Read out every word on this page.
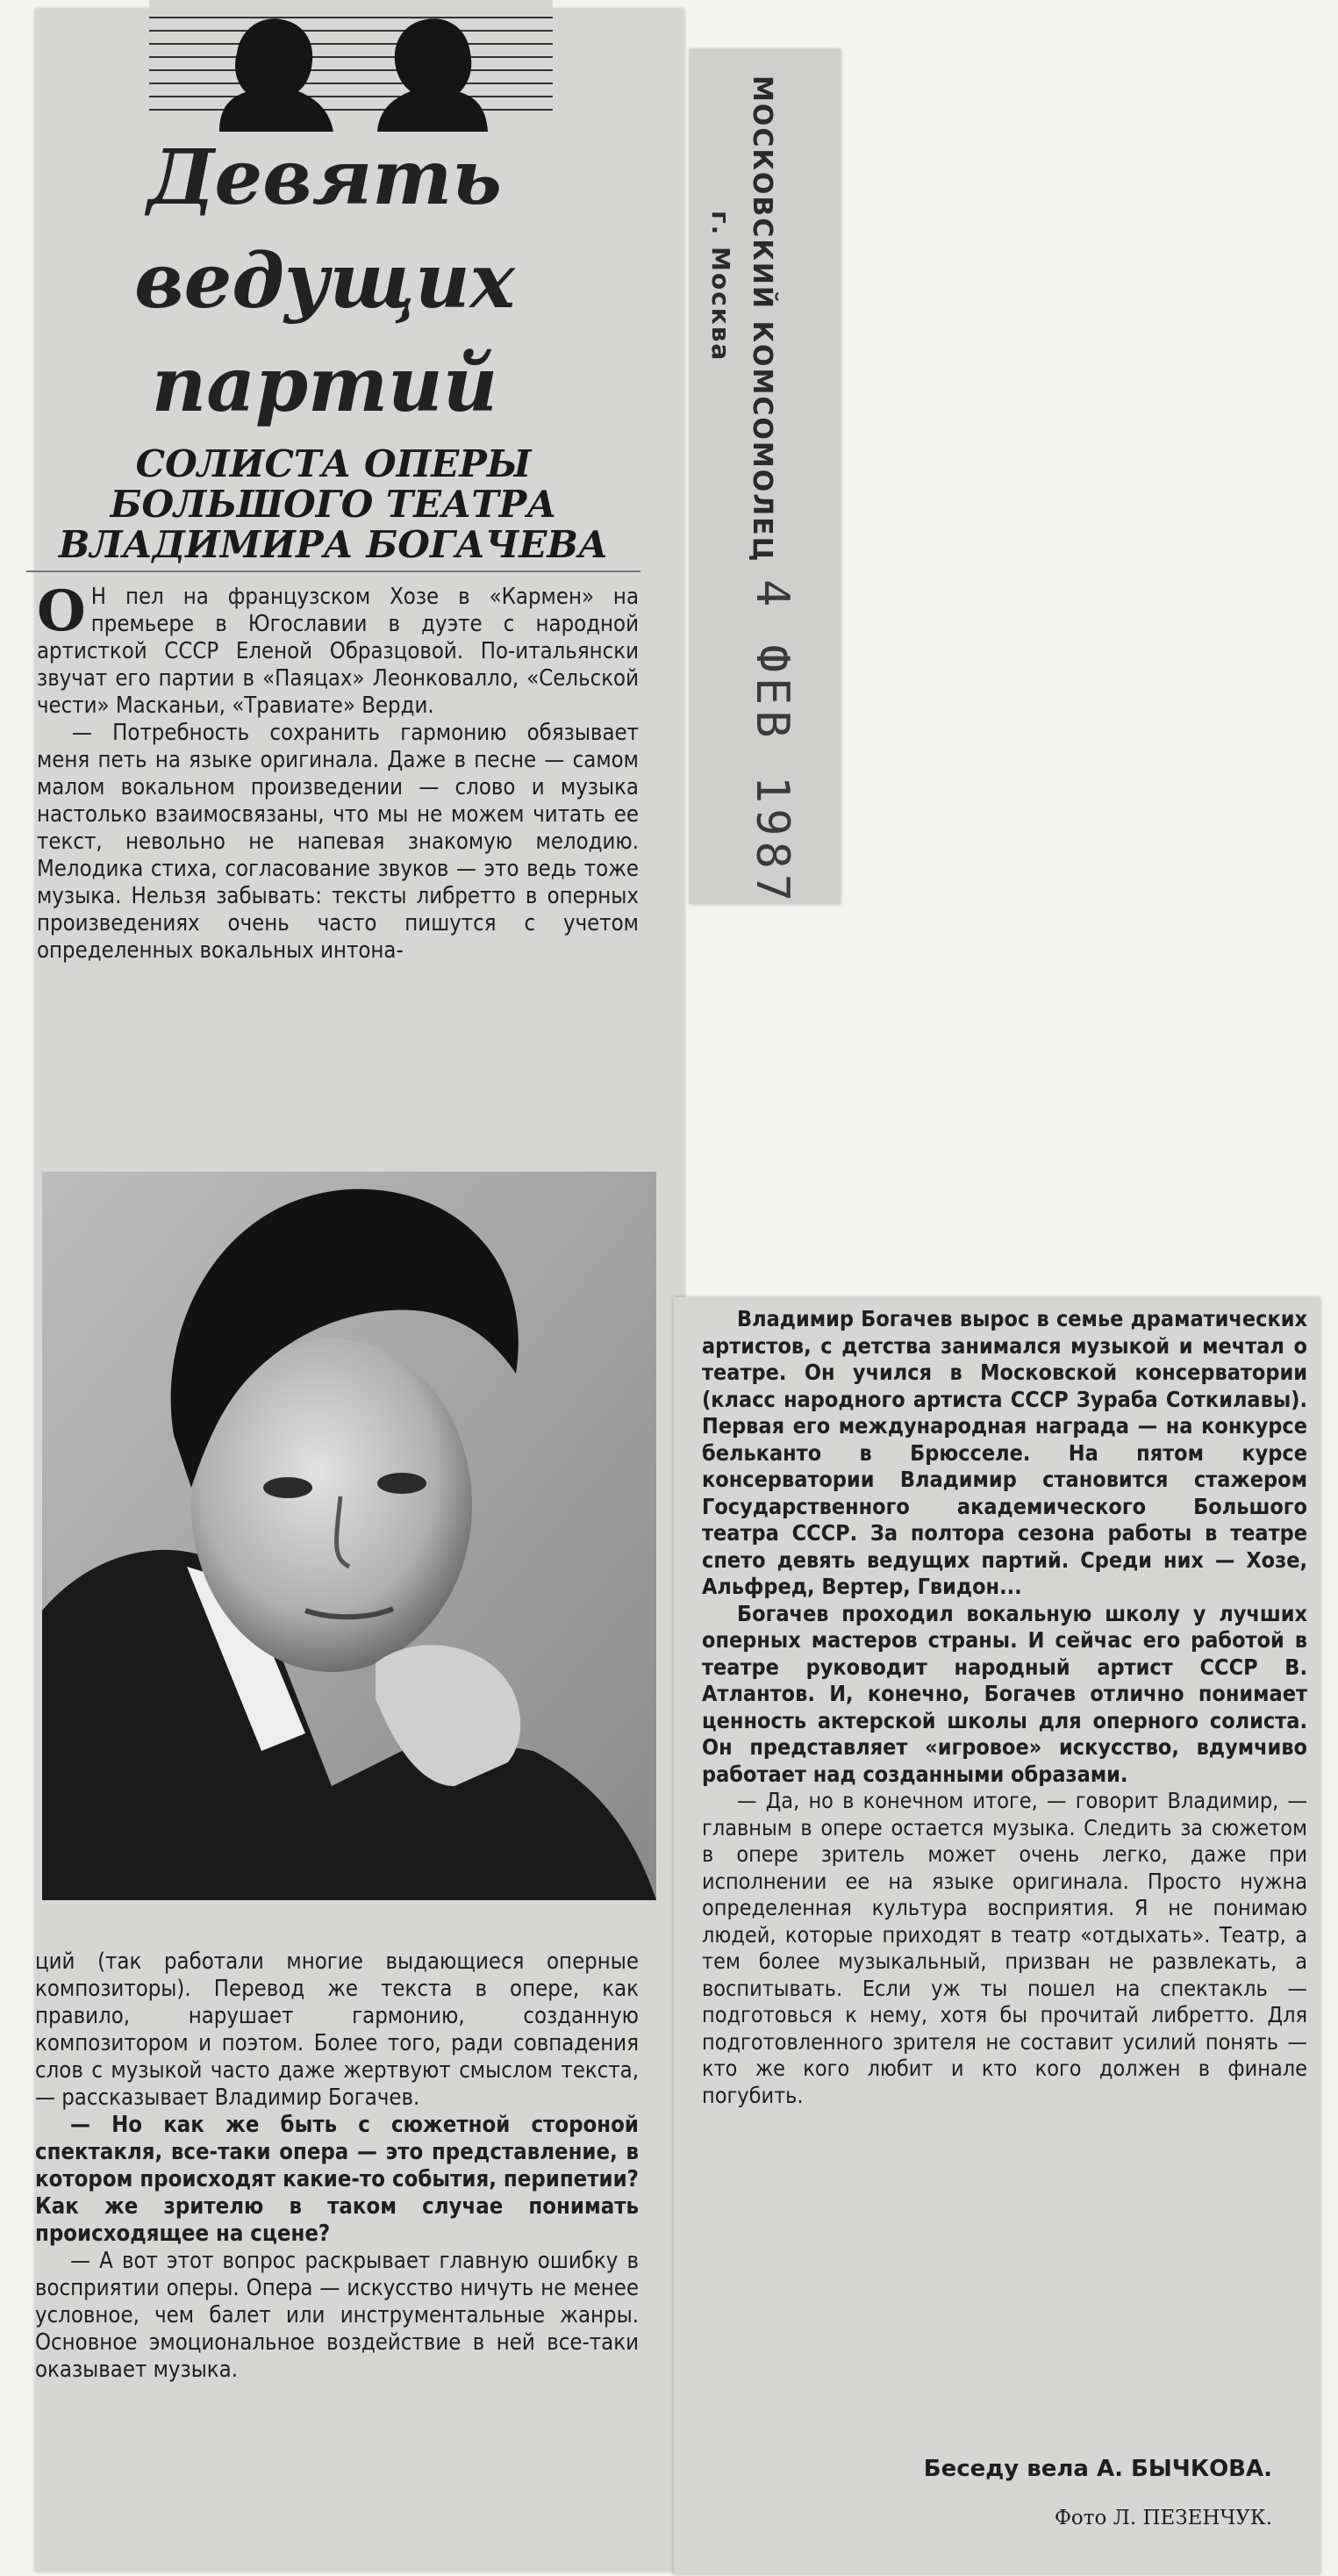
Девять
ведущих
партий
СОЛИСТА ОПЕРЫ
БОЛЬШОГО ТЕАТРА
ВЛАДИМИРА БОГАЧЕВА

О Н пел на французском Хозе в «Кармен» на премьере в Югославии в дуэте с народной артисткой СССР Еленой Образцовой. По-итальянски звучат его партии в «Паяцах» Леонковалло, «Сельской чести» Масканьи, «Травиате» Верди.

— Потребность сохранить гармонию обязывает меня петь на языке оригинала. Даже в песне — самом малом вокальном произведении — слово и музыка настолько взаимосвязаны, что мы не можем читать ее текст, невольно не напевая знакомую мелодию. Мелодика стиха, согласование звуков — это ведь тоже музыка. Нельзя забывать: тексты либретто в оперных произведениях очень часто пишутся с учетом определенных вокальных интона-

ций (так работали многие выдающиеся оперные композиторы). Перевод же текста в опере, как правило, нарушает гармонию, созданную композитором и поэтом. Более того, ради совпадения слов с музыкой часто даже жертвуют смыслом текста, — рассказывает Владимир Богачев.

— Но как же быть с сюжетной стороной спектакля, все-таки опера — это представление, в котором происходят какие-то события, перипетии? Как же зрителю в таком случае понимать происходящее на сцене?

— А вот этот вопрос раскрывает главную ошибку в восприятии оперы. Опера — искусство ничуть не менее условное, чем балет или инструментальные жанры. Основное эмоциональное воздействие в ней все-таки оказывает музыка.

МОСКОВСКИЙ КОМСОМОЛЕЦ
г. Москва
4 ФЕВ 1987

Владимир Богачев вырос в семье драматических артистов, с детства занимался музыкой и мечтал о театре. Он учился в Московской консерватории (класс народного артиста СССР Зураба Соткилавы). Первая его международная награда — на конкурсе бельканто в Брюсселе. На пятом курсе консерватории Владимир становится стажером Государственного академического Большого театра СССР. За полтора сезона работы в театре спето девять ведущих партий. Среди них — Хозе, Альфред, Вертер, Гвидон...

Богачев проходил вокальную школу у лучших оперных мастеров страны. И сейчас его работой в театре руководит народный артист СССР В. Атлантов. И, конечно, Богачев отлично понимает ценность актерской школы для оперного солиста. Он представляет «игровое» искусство, вдумчиво работает над созданными образами.

— Да, но в конечном итоге, — говорит Владимир, — главным в опере остается музыка. Следить за сюжетом в опере зритель может очень легко, даже при исполнении ее на языке оригинала. Просто нужна определенная культура восприятия. Я не понимаю людей, которые приходят в театр «отдыхать». Театр, а тем более музыкальный, призван не развлекать, а воспитывать. Если уж ты пошел на спектакль — подготовься к нему, хотя бы прочитай либретто. Для подготовленного зрителя не составит усилий понять — кто же кого любит и кто кого должен в финале погубить.

Беседу вела А. БЫЧКОВА.
Фото Л. ПЕЗЕНЧУК.
